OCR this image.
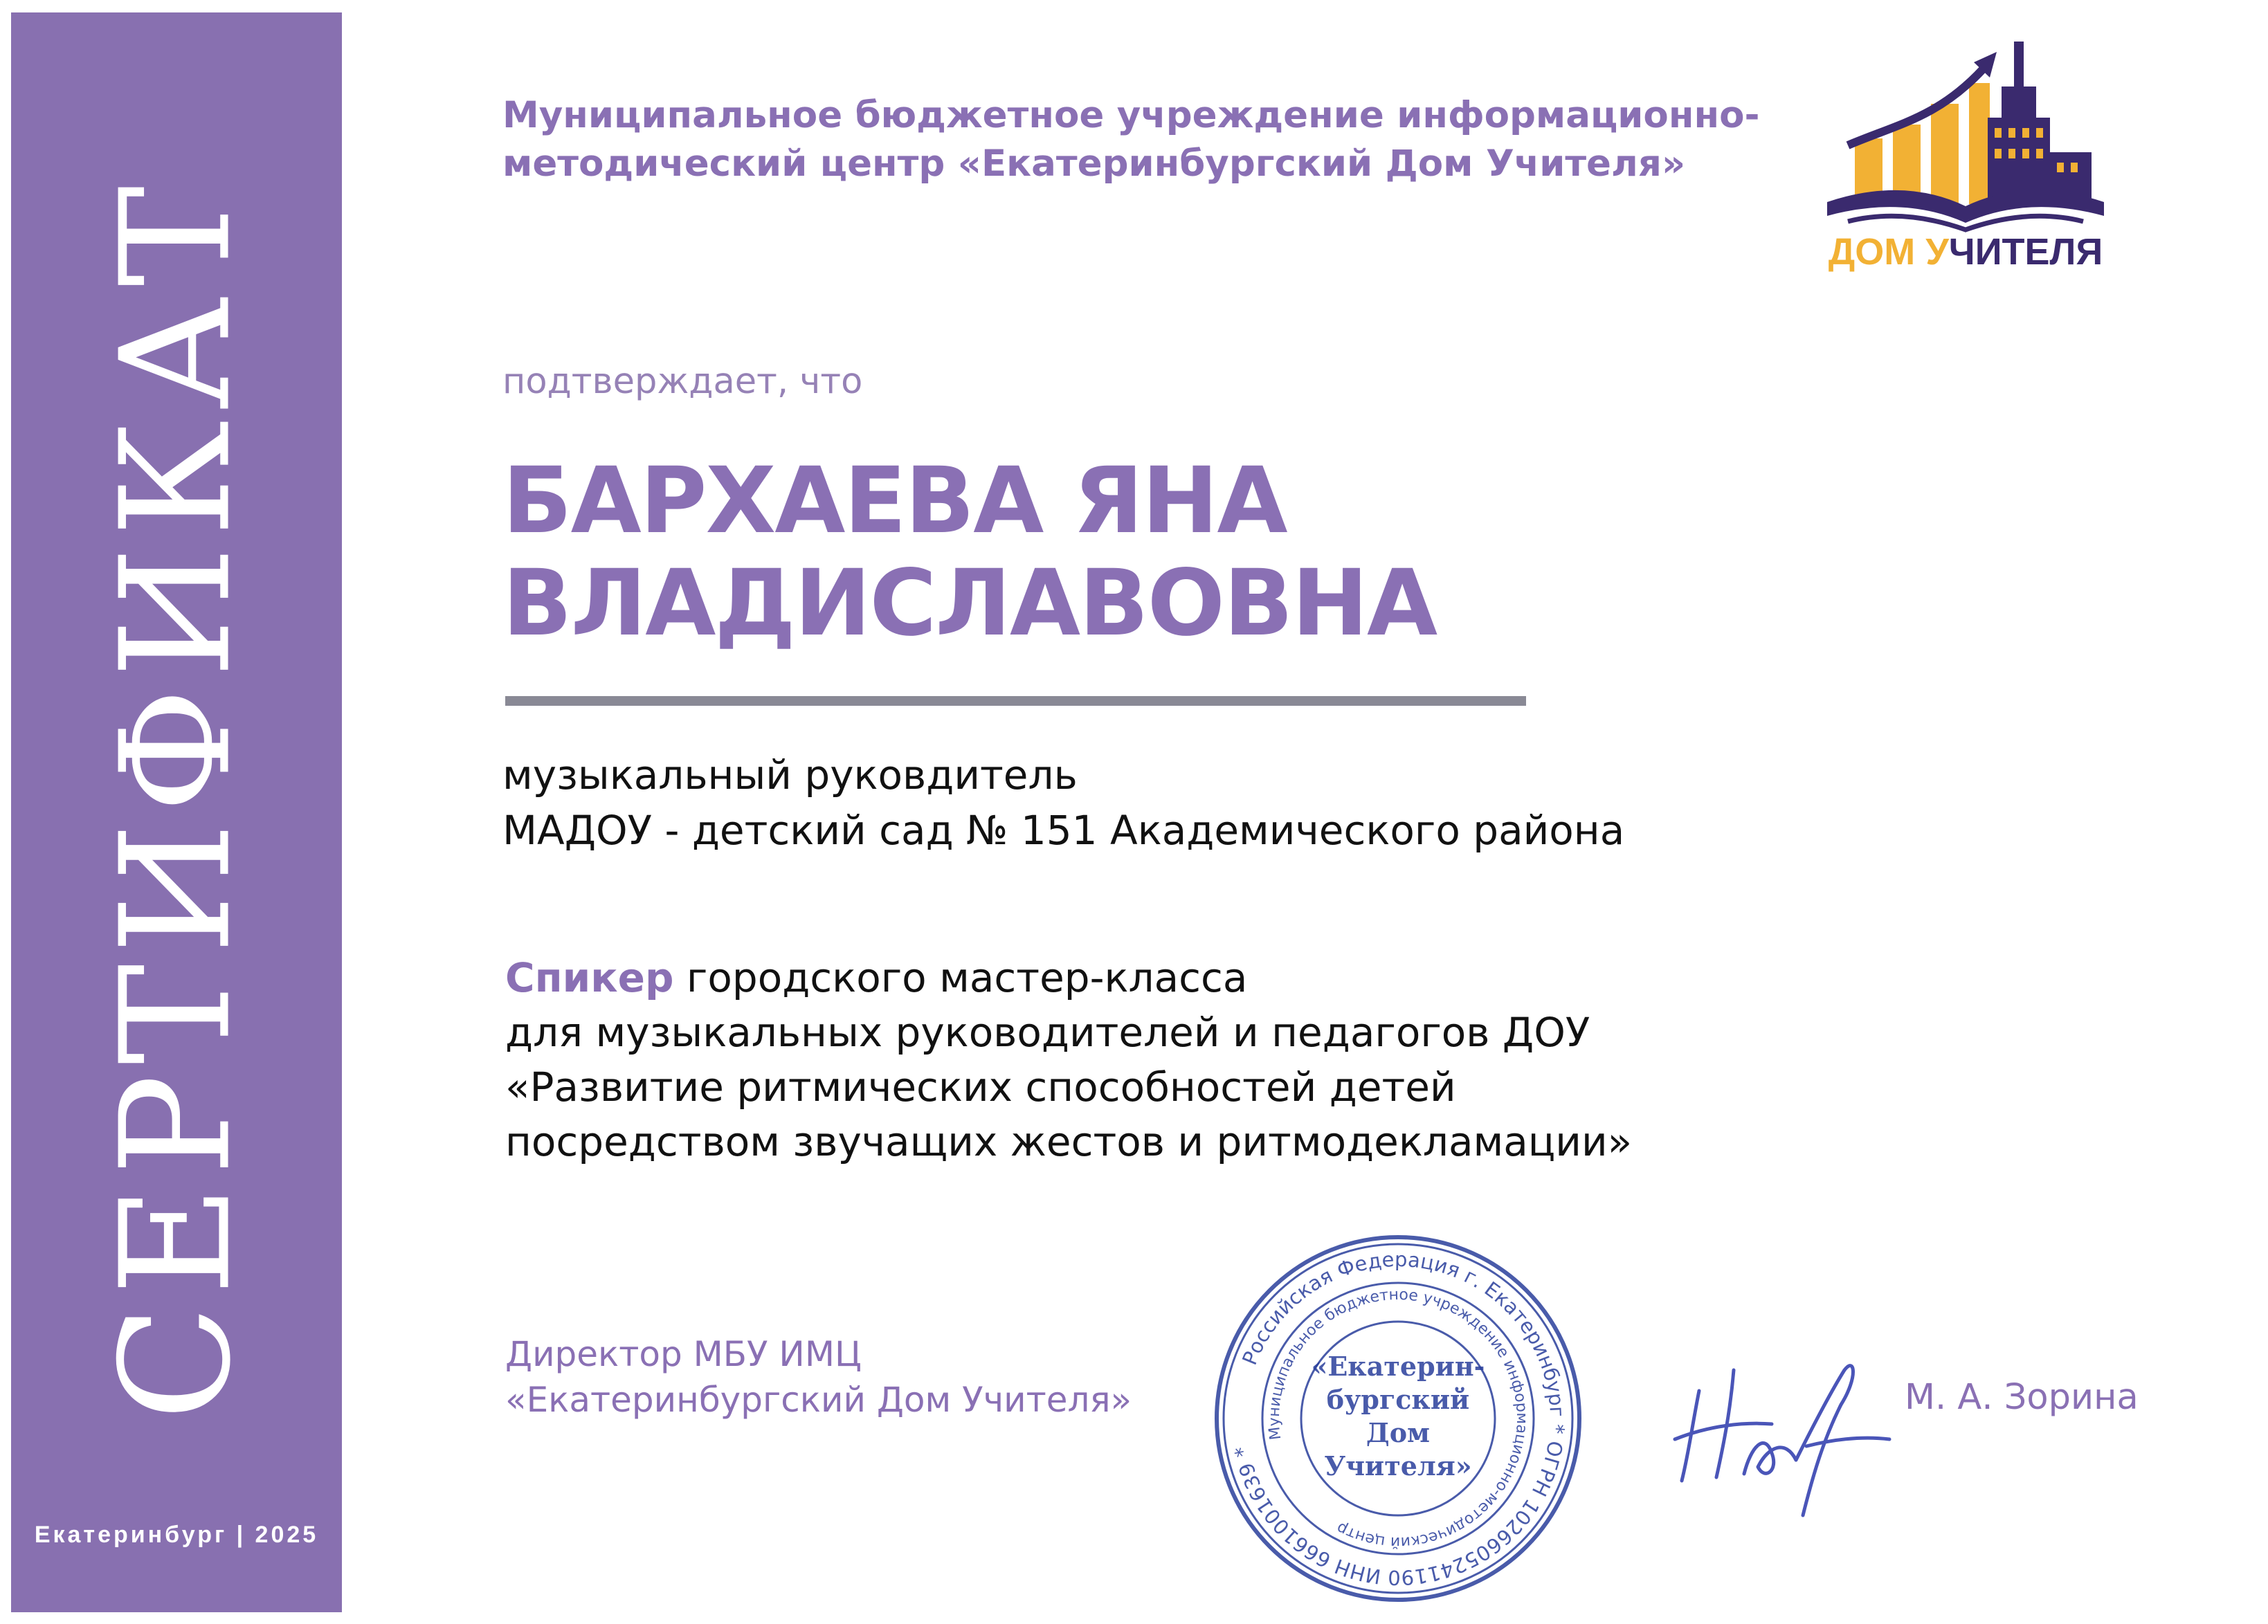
СЕРТИФИКАТ
Екатеринбург | 2025
Муниципальное бюджетное учреждение информационно-
методический центр «Екатеринбургский Дом Учителя»
ДОМ УЧИТЕЛЯ
подтверждает, что
БАРХАЕВА ЯНА
ВЛАДИСЛАВОВНА
музыкальный руковдитель
МАДОУ - детский сад № 151 Академического района
Спикер городского мастер-класса
для музыкальных руководителей и педагогов ДОУ
«Развитие ритмических способностей детей
посредством звучащих жестов и ритмодекламации»
Директор МБУ ИМЦ
«Екатеринбургский Дом Учителя»
Российская Федерация г. Екатеринбург * ОГРН 1026605241190 ИНН 6661001639 *
Муниципальное бюджетное учреждение информационно-методический центр
«Екатерин-
бургский
Дом
Учителя»
М. А. Зорина
